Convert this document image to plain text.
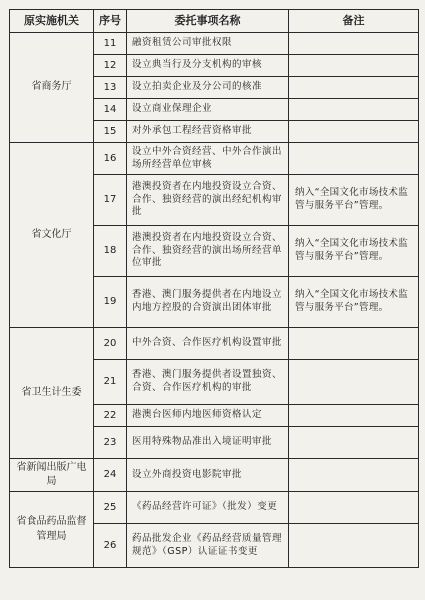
原实施机关	序号	委托事项名称	备注
省商务厅	11	融资租赁公司审批权限	
	12	设立典当行及分支机构的审核	
	13	设立拍卖企业及分公司的核准	
	14	设立商业保理企业	
	15	对外承包工程经营资格审批	
省文化厅	16	设立中外合资经营、中外合作演出场所经营单位审核	
	17	港澳投资者在内地投资设立合资、合作、独资经营的演出经纪机构审批	纳入“全国文化市场技术监管与服务平台”管理。
	18	港澳投资者在内地投资设立合资、合作、独资经营的演出场所经营单位审批	纳入“全国文化市场技术监管与服务平台”管理。
	19	香港、澳门服务提供者在内地设立内地方控股的合资演出团体审批	纳入“全国文化市场技术监管与服务平台”管理。
省卫生计生委	20	中外合资、合作医疗机构设置审批	
	21	香港、澳门服务提供者设置独资、合资、合作医疗机构的审批	
	22	港澳台医师内地医师资格认定	
	23	医用特殊物品准出入境证明审批	
省新闻出版广电局	24	设立外商投资电影院审批	
省食品药品监督管理局	25	《药品经营许可证》（批发）变更	
	26	药品批发企业《药品经营质量管理规范》（GSP）认证证书变更	
